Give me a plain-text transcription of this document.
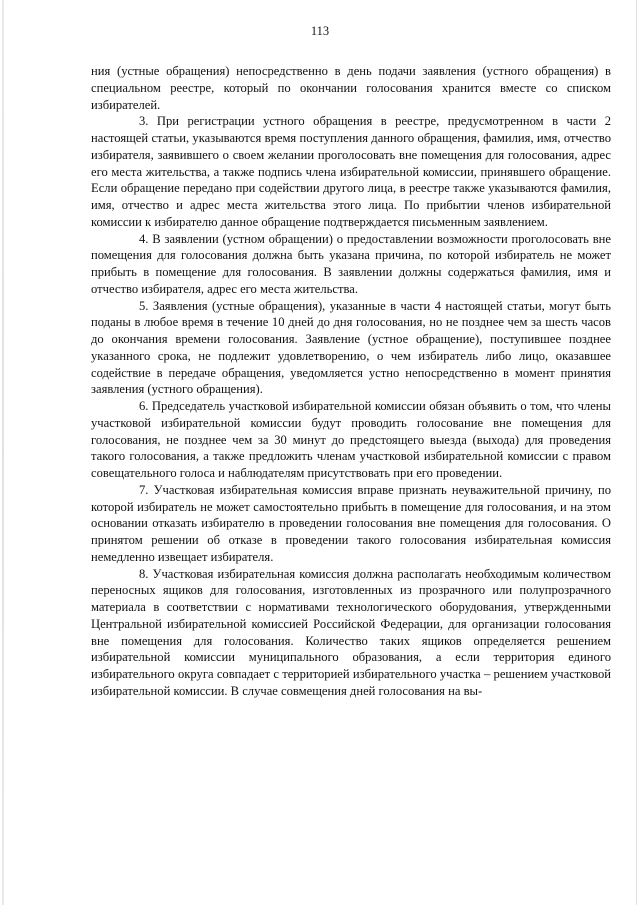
113

ния (устные обращения) непосредственно в день подачи заявления (устного обращения) в специальном реестре, который по окончании голосования хранится вместе со списком избирателей.

3. При регистрации устного обращения в реестре, предусмотренном в части 2 настоящей статьи, указываются время поступления данного обращения, фамилия, имя, отчество избирателя, заявившего о своем желании проголосовать вне помещения для голосования, адрес его места жительства, а также подпись члена избирательной комиссии, принявшего обращение. Если обращение передано при содействии другого лица, в реестре также указываются фамилия, имя, отчество и адрес места жительства этого лица. По прибытии членов избирательной комиссии к избирателю данное обращение подтверждается письменным заявлением.

4. В заявлении (устном обращении) о предоставлении возможности проголосовать вне помещения для голосования должна быть указана причина, по которой избиратель не может прибыть в помещение для голосования. В заявлении должны содержаться фамилия, имя и отчество избирателя, адрес его места жительства.

5. Заявления (устные обращения), указанные в части 4 настоящей статьи, могут быть поданы в любое время в течение 10 дней до дня голосования, но не позднее чем за шесть часов до окончания времени голосования. Заявление (устное обращение), поступившее позднее указанного срока, не подлежит удовлетворению, о чем избиратель либо лицо, оказавшее содействие в передаче обращения, уведомляется устно непосредственно в момент принятия заявления (устного обращения).

6. Председатель участковой избирательной комиссии обязан объявить о том, что члены участковой избирательной комиссии будут проводить голосование вне помещения для голосования, не позднее чем за 30 минут до предстоящего выезда (выхода) для проведения такого голосования, а также предложить членам участковой избирательной комиссии с правом совещательного голоса и наблюдателям присутствовать при его проведении.

7. Участковая избирательная комиссия вправе признать неуважительной причину, по которой избиратель не может самостоятельно прибыть в помещение для голосования, и на этом основании отказать избирателю в проведении голосования вне помещения для голосования. О принятом решении об отказе в проведении такого голосования избирательная комиссия немедленно извещает избирателя.

8. Участковая избирательная комиссия должна располагать необходимым количеством переносных ящиков для голосования, изготовленных из прозрачного или полупрозрачного материала в соответствии с нормативами технологического оборудования, утвержденными Центральной избирательной комиссией Российской Федерации, для организации голосования вне помещения для голосования. Количество таких ящиков определяется решением избирательной комиссии муниципального образования, а если территория единого избирательного округа совпадает с территорией избирательного участка – решением участковой избирательной комиссии. В случае совмещения дней голосования на вы-
